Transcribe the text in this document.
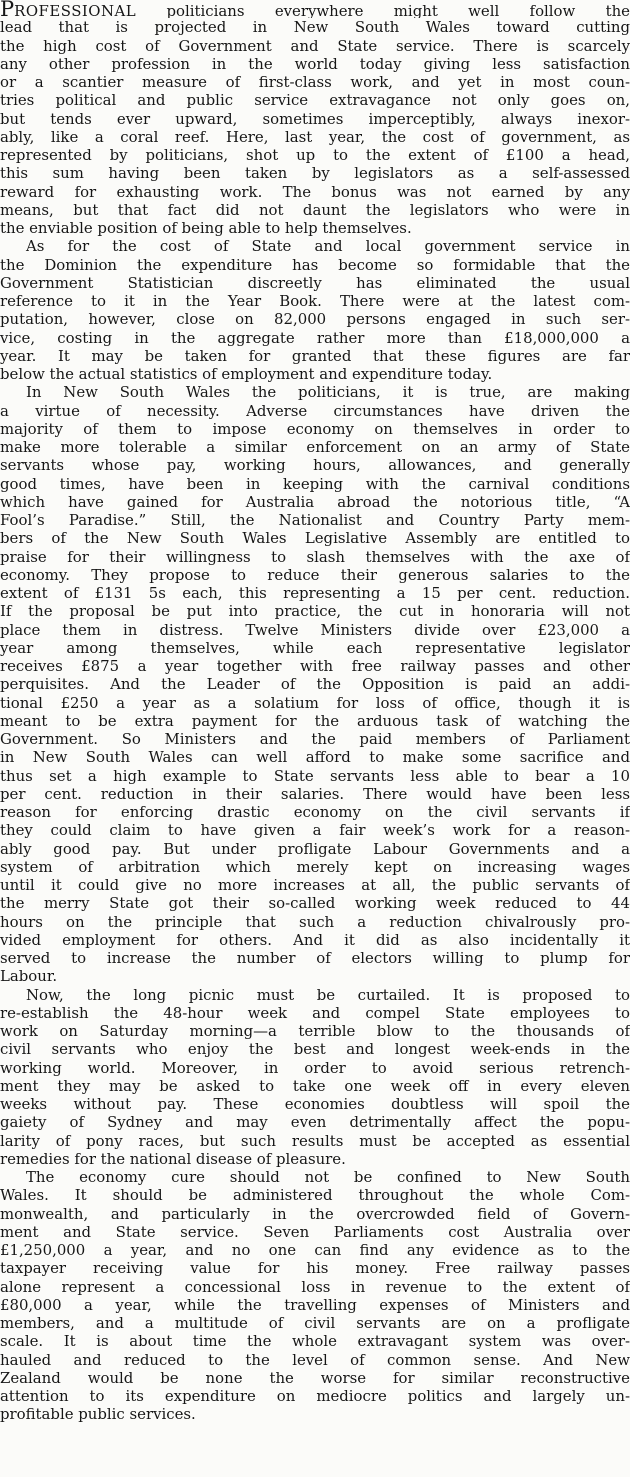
PROFESSIONAL politicians everywhere might well follow the
lead that is projected in New South Wales toward cutting
the high cost of Government and State service. There is scarcely
any other profession in the world today giving less satisfaction
or a scantier measure of first-class work, and yet in most coun-
tries political and public service extravagance not only goes on,
but tends ever upward, sometimes imperceptibly, always inexor-
ably, like a coral reef. Here, last year, the cost of government, as
represented by politicians, shot up to the extent of £100 a head,
this sum having been taken by legislators as a self-assessed
reward for exhausting work. The bonus was not earned by any
means, but that fact did not daunt the legislators who were in
the enviable position of being able to help themselves.
As for the cost of State and local government service in
the Dominion the expenditure has become so formidable that the
Government Statistician discreetly has eliminated the usual
reference to it in the Year Book. There were at the latest com-
putation, however, close on 82,000 persons engaged in such ser-
vice, costing in the aggregate rather more than £18,000,000 a
year. It may be taken for granted that these figures are far
below the actual statistics of employment and expenditure today.
In New South Wales the politicians, it is true, are making
a virtue of necessity. Adverse circumstances have driven the
majority of them to impose economy on themselves in order to
make more tolerable a similar enforcement on an army of State
servants whose pay, working hours, allowances, and generally
good times, have been in keeping with the carnival conditions
which have gained for Australia abroad the notorious title, “A
Fool’s Paradise.” Still, the Nationalist and Country Party mem-
bers of the New South Wales Legislative Assembly are entitled to
praise for their willingness to slash themselves with the axe of
economy. They propose to reduce their generous salaries to the
extent of £131 5s each, this representing a 15 per cent. reduction.
If the proposal be put into practice, the cut in honoraria will not
place them in distress. Twelve Ministers divide over £23,000 a
year among themselves, while each representative legislator
receives £875 a year together with free railway passes and other
perquisites. And the Leader of the Opposition is paid an addi-
tional £250 a year as a solatium for loss of office, though it is
meant to be extra payment for the arduous task of watching the
Government. So Ministers and the paid members of Parliament
in New South Wales can well afford to make some sacrifice and
thus set a high example to State servants less able to bear a 10
per cent. reduction in their salaries. There would have been less
reason for enforcing drastic economy on the civil servants if
they could claim to have given a fair week’s work for a reason-
ably good pay. But under profligate Labour Governments and a
system of arbitration which merely kept on increasing wages
until it could give no more increases at all, the public servants of
the merry State got their so-called working week reduced to 44
hours on the principle that such a reduction chivalrously pro-
vided employment for others. And it did as also incidentally it
served to increase the number of electors willing to plump for
Labour.
Now, the long picnic must be curtailed. It is proposed to
re-establish the 48-hour week and compel State employees to
work on Saturday morning—a terrible blow to the thousands of
civil servants who enjoy the best and longest week-ends in the
working world. Moreover, in order to avoid serious retrench-
ment they may be asked to take one week off in every eleven
weeks without pay. These economies doubtless will spoil the
gaiety of Sydney and may even detrimentally affect the popu-
larity of pony races, but such results must be accepted as essential
remedies for the national disease of pleasure.
The economy cure should not be confined to New South
Wales. It should be administered throughout the whole Com-
monwealth, and particularly in the overcrowded field of Govern-
ment and State service. Seven Parliaments cost Australia over
£1,250,000 a year, and no one can find any evidence as to the
taxpayer receiving value for his money. Free railway passes
alone represent a concessional loss in revenue to the extent of
£80,000 a year, while the travelling expenses of Ministers and
members, and a multitude of civil servants are on a profligate
scale. It is about time the whole extravagant system was over-
hauled and reduced to the level of common sense. And New
Zealand would be none the worse for similar reconstructive
attention to its expenditure on mediocre politics and largely un-
profitable public services.
